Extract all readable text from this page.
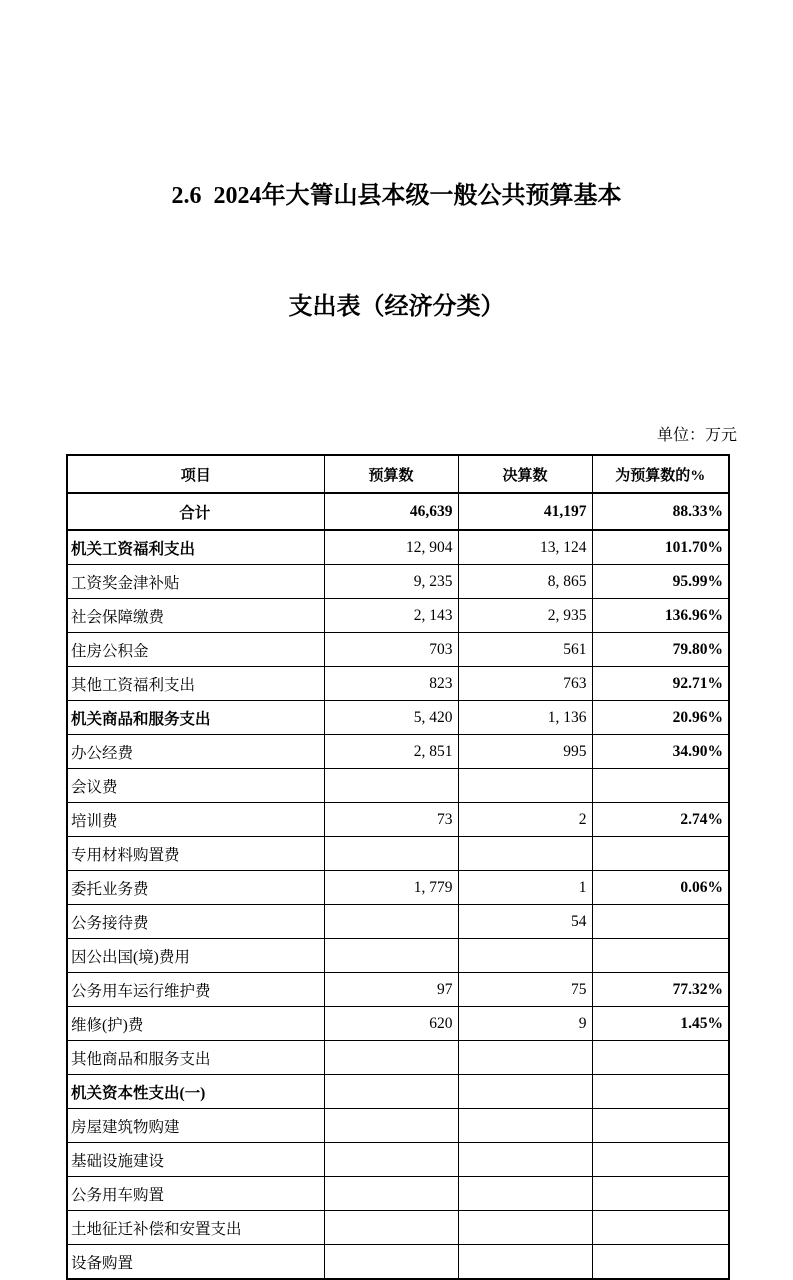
2.6  2024年大箐山县本级一般公共预算基本

支出表（经济分类）

单位：万元
项目	预算数	决算数	为预算数的%
合计	46,639	41,197	88.33%
机关工资福利支出	12, 904	13, 124	101.70%
工资奖金津补贴	9, 235	8, 865	95.99%
社会保障缴费	2, 143	2, 935	136.96%
住房公积金	703	561	79.80%
其他工资福利支出	823	763	92.71%
机关商品和服务支出	5, 420	1, 136	20.96%
办公经费	2, 851	995	34.90%
会议费			
培训费	73	2	2.74%
专用材料购置费			
委托业务费	1, 779	1	0.06%
公务接待费		54	
因公出国(境)费用			
公务用车运行维护费	97	75	77.32%
维修(护)费	620	9	1.45%
其他商品和服务支出			
机关资本性支出(一)			
房屋建筑物购建			
基础设施建设			
公务用车购置			
土地征迁补偿和安置支出			
设备购置			
